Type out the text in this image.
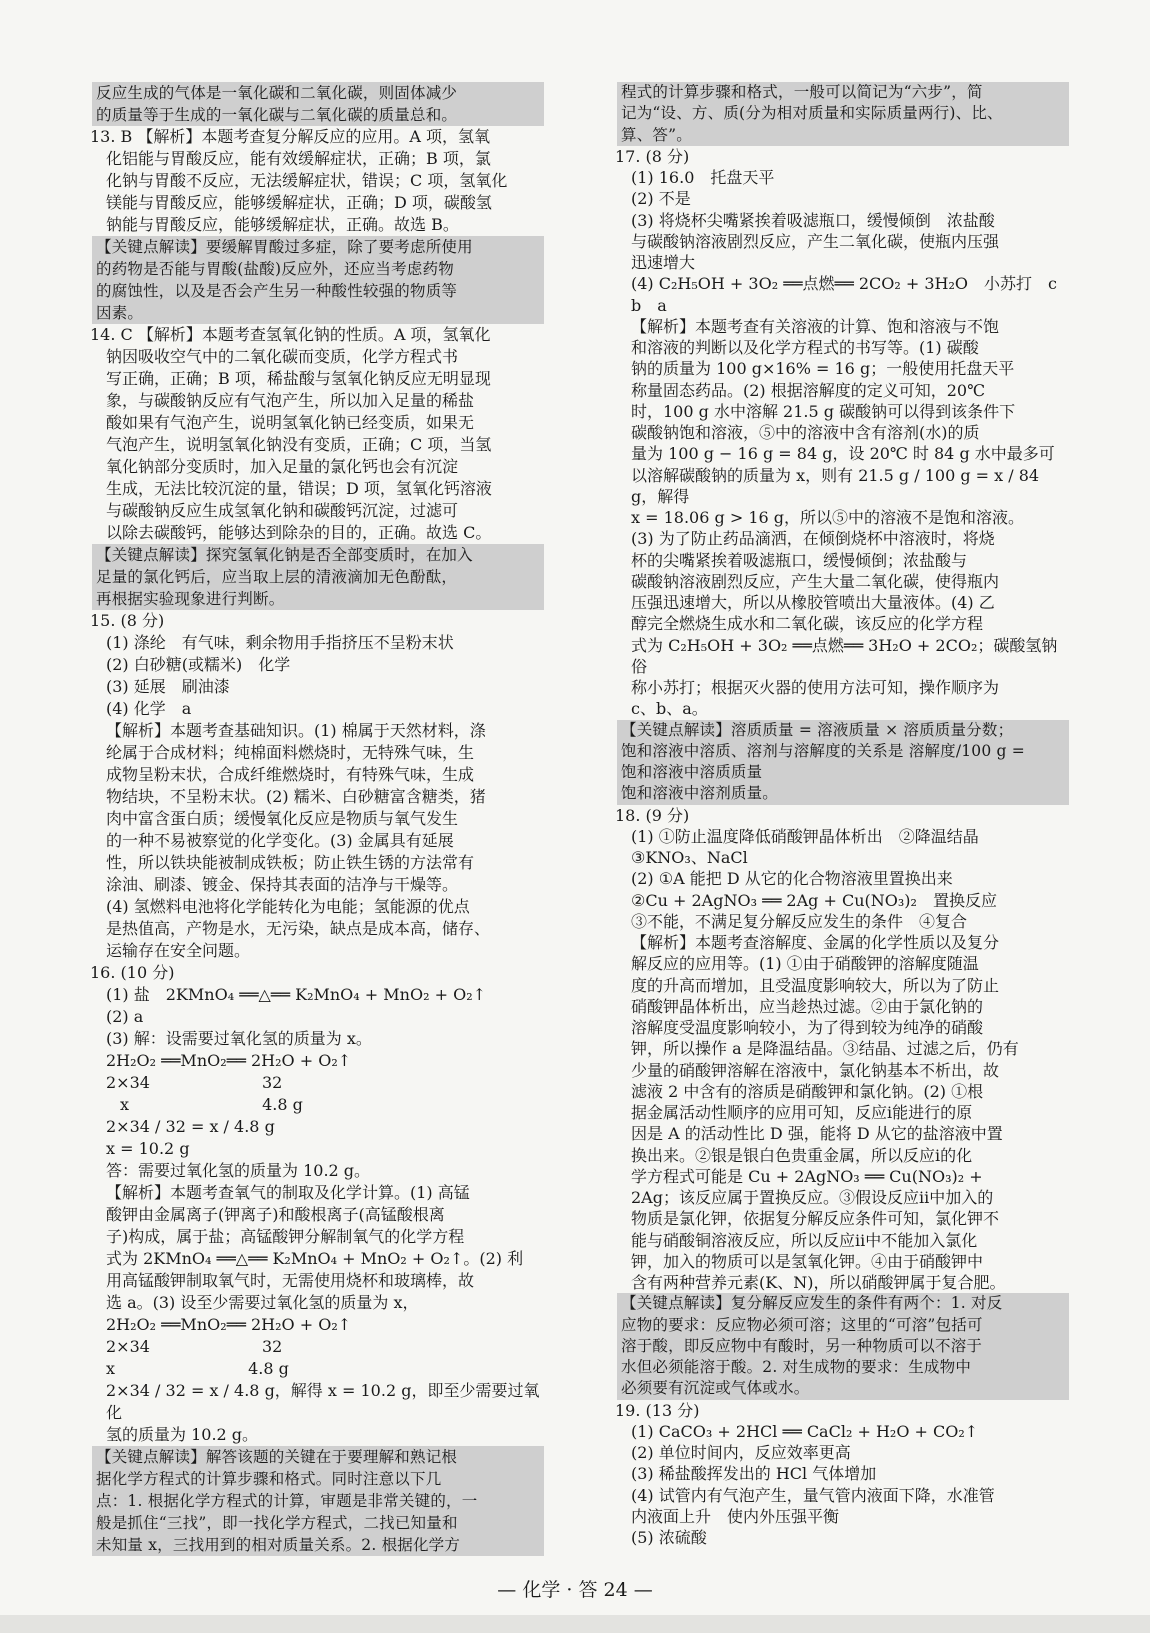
反应生成的气体是一氧化碳和二氧化碳，则固体减少

的质量等于生成的一氧化碳与二氧化碳的质量总和。

13. B 【解析】本题考查复分解反应的应用。A 项，氢氧

化铝能与胃酸反应，能有效缓解症状，正确；B 项，氯

化钠与胃酸不反应，无法缓解症状，错误；C 项，氢氧化

镁能与胃酸反应，能够缓解症状，正确；D 项，碳酸氢

钠能与胃酸反应，能够缓解症状，正确。故选 B。

【关键点解读】要缓解胃酸过多症，除了要考虑所使用

的药物是否能与胃酸(盐酸)反应外，还应当考虑药物

的腐蚀性，以及是否会产生另一种酸性较强的物质等

因素。

14. C 【解析】本题考查氢氧化钠的性质。A 项，氢氧化

钠因吸收空气中的二氧化碳而变质，化学方程式书

写正确，正确；B 项，稀盐酸与氢氧化钠反应无明显现

象，与碳酸钠反应有气泡产生，所以加入足量的稀盐

酸如果有气泡产生，说明氢氧化钠已经变质，如果无

气泡产生，说明氢氧化钠没有变质，正确；C 项，当氢

氧化钠部分变质时，加入足量的氯化钙也会有沉淀

生成，无法比较沉淀的量，错误；D 项，氢氧化钙溶液

与碳酸钠反应生成氢氧化钠和碳酸钙沉淀，过滤可

以除去碳酸钙，能够达到除杂的目的，正确。故选 C。

【关键点解读】探究氢氧化钠是否全部变质时，在加入

足量的氯化钙后，应当取上层的清液滴加无色酚酞，

再根据实验现象进行判断。

15. (8 分)

(1) 涤纶　有气味，剩余物用手指挤压不呈粉末状

(2) 白砂糖(或糯米)　化学

(3) 延展　刷油漆

(4) 化学　a

【解析】本题考查基础知识。(1) 棉属于天然材料，涤

纶属于合成材料；纯棉面料燃烧时，无特殊气味，生

成物呈粉末状，合成纤维燃烧时，有特殊气味，生成

物结块，不呈粉末状。(2) 糯米、白砂糖富含糖类，猪

肉中富含蛋白质；缓慢氧化反应是物质与氧气发生

的一种不易被察觉的化学变化。(3) 金属具有延展

性，所以铁块能被制成铁板；防止铁生锈的方法常有

涂油、刷漆、镀金、保持其表面的洁净与干燥等。

(4) 氢燃料电池将化学能转化为电能；氢能源的优点

是热值高，产物是水，无污染，缺点是成本高，储存、

运输存在安全问题。

16. (10 分)

(1) 盐　2KMnO₄ ══△══ K₂MnO₄ + MnO₂ + O₂↑

(2) a

(3) 解：设需要过氧化氢的质量为 x。

2H₂O₂ ══MnO₂══ 2H₂O + O₂↑

2×34　　　　　　　32

x　　　　　　　　 4.8 g

2×34 / 32 = x / 4.8 g

x = 10.2 g

答：需要过氧化氢的质量为 10.2 g。

【解析】本题考查氧气的制取及化学计算。(1) 高锰

酸钾由金属离子(钾离子)和酸根离子(高锰酸根离

子)构成，属于盐；高锰酸钾分解制氧气的化学方程

式为 2KMnO₄ ══△══ K₂MnO₄ + MnO₂ + O₂↑。(2) 利

用高锰酸钾制取氧气时，无需使用烧杯和玻璃棒，故

选 a。(3) 设至少需要过氧化氢的质量为 x，

2H₂O₂ ══MnO₂══ 2H₂O + O₂↑

2×34　　　　　　　32

x　　　　　　　　 4.8 g

2×34 / 32 = x / 4.8 g，解得 x = 10.2 g，即至少需要过氧化

氢的质量为 10.2 g。

【关键点解读】解答该题的关键在于要理解和熟记根

据化学方程式的计算步骤和格式。同时注意以下几

点：1. 根据化学方程式的计算，审题是非常关键的，一

般是抓住“三找”，即一找化学方程式，二找已知量和

未知量 x，三找用到的相对质量关系。2. 根据化学方

程式的计算步骤和格式，一般可以简记为“六步”，简

记为“设、方、质(分为相对质量和实际质量两行)、比、

算、答”。

17. (8 分)

(1) 16.0　托盘天平

(2) 不是

(3) 将烧杯尖嘴紧挨着吸滤瓶口，缓慢倾倒　浓盐酸

与碳酸钠溶液剧烈反应，产生二氧化碳，使瓶内压强

迅速增大

(4) C₂H₅OH + 3O₂ ══点燃══ 2CO₂ + 3H₂O　小苏打　c

b　a

【解析】本题考查有关溶液的计算、饱和溶液与不饱

和溶液的判断以及化学方程式的书写等。(1) 碳酸

钠的质量为 100 g×16% = 16 g；一般使用托盘天平

称量固态药品。(2) 根据溶解度的定义可知，20℃

时，100 g 水中溶解 21.5 g 碳酸钠可以得到该条件下

碳酸钠饱和溶液，⑤中的溶液中含有溶剂(水)的质

量为 100 g − 16 g = 84 g，设 20℃ 时 84 g 水中最多可

以溶解碳酸钠的质量为 x，则有 21.5 g / 100 g = x / 84 g，解得

x = 18.06 g > 16 g，所以⑤中的溶液不是饱和溶液。

(3) 为了防止药品滴洒，在倾倒烧杯中溶液时，将烧

杯的尖嘴紧挨着吸滤瓶口，缓慢倾倒；浓盐酸与

碳酸钠溶液剧烈反应，产生大量二氧化碳，使得瓶内

压强迅速增大，所以从橡胶管喷出大量液体。(4) 乙

醇完全燃烧生成水和二氧化碳，该反应的化学方程

式为 C₂H₅OH + 3O₂ ══点燃══ 3H₂O + 2CO₂；碳酸氢钠俗

称小苏打；根据灭火器的使用方法可知，操作顺序为

c、b、a。

【关键点解读】溶质质量 = 溶液质量 × 溶质质量分数；

饱和溶液中溶质、溶剂与溶解度的关系是 溶解度/100 g =

饱和溶液中溶质质量

饱和溶液中溶剂质量。

18. (9 分)

(1) ①防止温度降低硝酸钾晶体析出　②降温结晶

③KNO₃、NaCl

(2) ①A 能把 D 从它的化合物溶液里置换出来

②Cu + 2AgNO₃ ══ 2Ag + Cu(NO₃)₂　置换反应

③不能，不满足复分解反应发生的条件　④复合

【解析】本题考查溶解度、金属的化学性质以及复分

解反应的应用等。(1) ①由于硝酸钾的溶解度随温

度的升高而增加，且受温度影响较大，所以为了防止

硝酸钾晶体析出，应当趁热过滤。②由于氯化钠的

溶解度受温度影响较小，为了得到较为纯净的硝酸

钾，所以操作 a 是降温结晶。③结晶、过滤之后，仍有

少量的硝酸钾溶解在溶液中，氯化钠基本不析出，故

滤液 2 中含有的溶质是硝酸钾和氯化钠。(2) ①根

据金属活动性顺序的应用可知，反应ⅰ能进行的原

因是 A 的活动性比 D 强，能将 D 从它的盐溶液中置

换出来。②银是银白色贵重金属，所以反应ⅰ的化

学方程式可能是 Cu + 2AgNO₃ ══ Cu(NO₃)₂ +

2Ag；该反应属于置换反应。③假设反应ⅱ中加入的

物质是氯化钾，依据复分解反应条件可知，氯化钾不

能与硝酸铜溶液反应，所以反应ⅱ中不能加入氯化

钾，加入的物质可以是氢氧化钾。④由于硝酸钾中

含有两种营养元素(K、N)，所以硝酸钾属于复合肥。

【关键点解读】复分解反应发生的条件有两个：1. 对反

应物的要求：反应物必须可溶；这里的“可溶”包括可

溶于酸，即反应物中有酸时，另一种物质可以不溶于

水但必须能溶于酸。2. 对生成物的要求：生成物中

必须要有沉淀或气体或水。

19. (13 分)

(1) CaCO₃ + 2HCl ══ CaCl₂ + H₂O + CO₂↑

(2) 单位时间内，反应效率更高

(3) 稀盐酸挥发出的 HCl 气体增加

(4) 试管内有气泡产生，量气管内液面下降，水准管

内液面上升　使内外压强平衡

(5) 浓硫酸

— 化学 · 答 24 —
